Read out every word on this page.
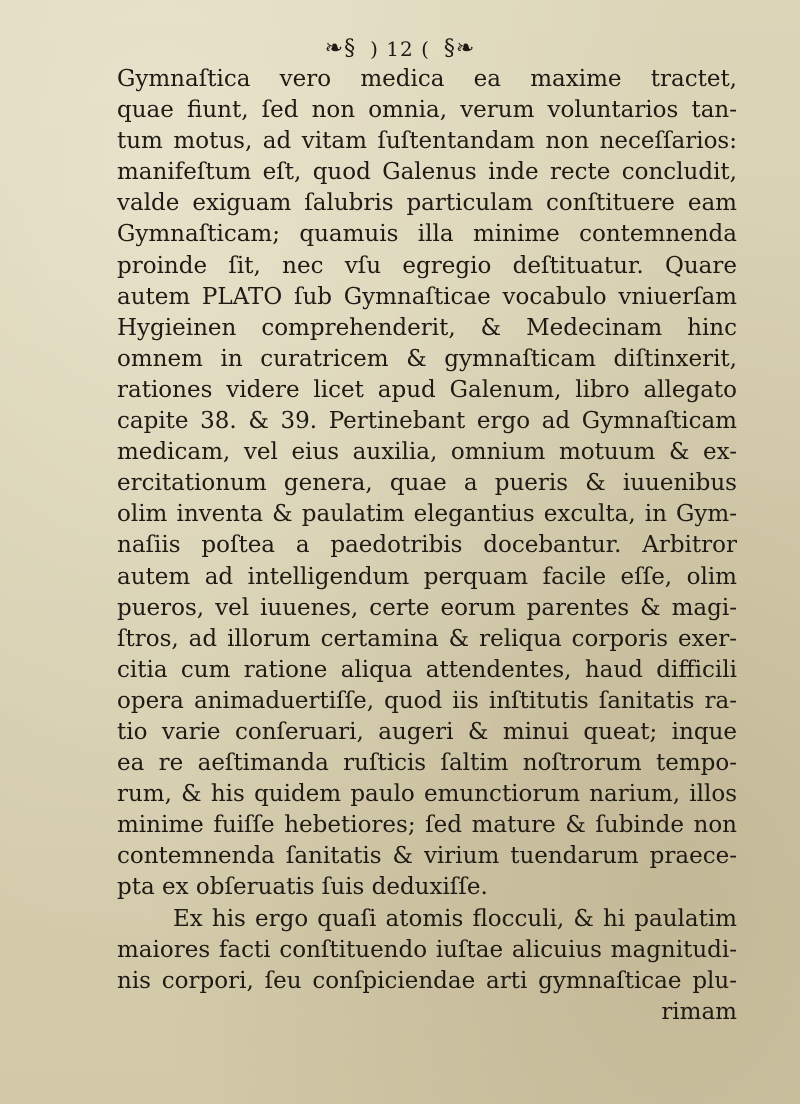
❧§ ) 12 ( §❧
Gymnaſtica vero medica ea maxime tractet,
quae fiunt, ſed non omnia, verum voluntarios tan-
tum motus, ad vitam ſuſtentandam non neceſſarios:
manifeſtum eſt, quod Galenus inde recte concludit,
valde exiguam ſalubris particulam conſtituere eam
Gymnaſticam; quamuis illa minime contemnenda
proinde ſit, nec vſu egregio deſtituatur. Quare
autem PLATO ſub Gymnaſticae vocabulo vniuerſam
Hygieinen comprehenderit, & Medecinam hinc
omnem in curatricem & gymnaſticam diſtinxerit,
rationes videre licet apud Galenum, libro allegato
capite 38. & 39. Pertinebant ergo ad Gymnaſticam
medicam, vel eius auxilia, omnium motuum & ex-
ercitationum genera, quae a pueris & iuuenibus
olim inventa & paulatim elegantius exculta, in Gym-
naſiis poſtea a paedotribis docebantur. Arbitror
autem ad intelligendum perquam facile eſſe, olim
pueros, vel iuuenes, certe eorum parentes & magi-
ſtros, ad illorum certamina & reliqua corporis exer-
citia cum ratione aliqua attendentes, haud difficili
opera animaduertiſſe, quod iis inſtitutis ſanitatis ra-
tio varie conſeruari, augeri & minui queat; inque
ea re aeſtimanda ruſticis ſaltim noſtrorum tempo-
rum, & his quidem paulo emunctiorum narium, illos
minime fuiſſe hebetiores; ſed mature & ſubinde non
contemnenda ſanitatis & virium tuendarum praece-
pta ex obſeruatis ſuis deduxiſſe.
Ex his ergo quaſi atomis flocculi, & hi paulatim
maiores facti conſtituendo iuſtae alicuius magnitudi-
nis corpori, ſeu conſpiciendae arti gymnaſticae plu-
rimam
